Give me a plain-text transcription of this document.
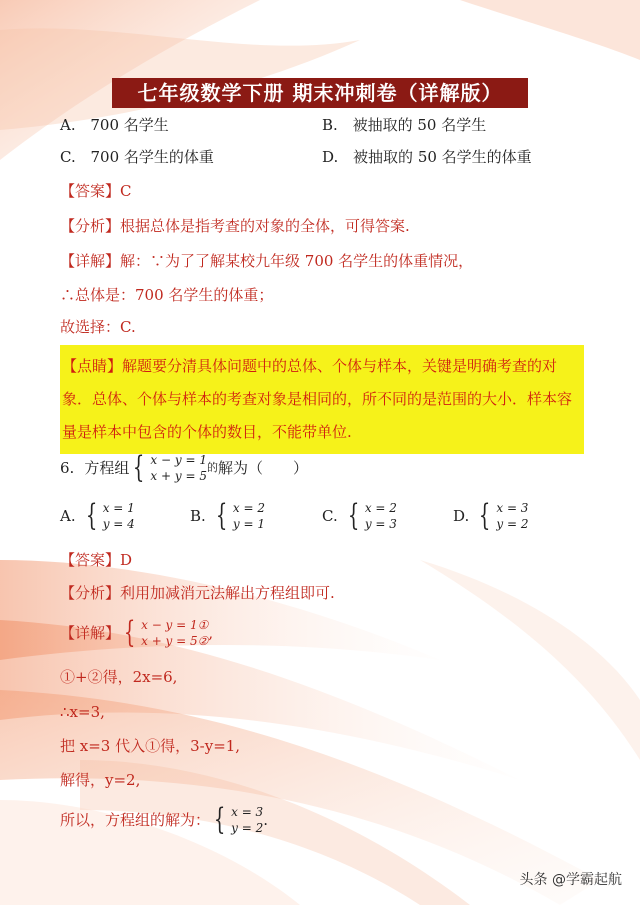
七年级数学下册 期末冲刺卷（详解版）
A. 700 名学生	B. 被抽取的 50 名学生
C. 700 名学生的体重	D. 被抽取的 50 名学生的体重
【答案】C
【分析】根据总体是指考查的对象的全体，可得答案.
【详解】解：∵为了了解某校九年级 700 名学生的体重情况，
∴总体是：700 名学生的体重；
故选择：C.
【点睛】解题要分清具体问题中的总体、个体与样本，关键是明确考查的对象．总体、个体与样本的考查对象是相同的，所不同的是范围的大小．样本容量是样本中包含的个体的数目，不能带单位.
6. 方程组 { x − y = 1
x + y = 5
的 解为（　　）
A. { x = 1
y = 4	B. { x = 2
y = 1	C. { x = 2
y = 3	D. { x = 3
y = 2
【答案】D
【分析】利用加减消元法解出方程组即可.
【详解】 { x − y = 1①
x + y = 5② ,
①+②得，2x=6,
∴x=3,
把 x=3 代入①得，3-y=1,
解得，y=2,
所以，方程组的解为： { x = 3
y = 2 .
头条 @学霸起航
